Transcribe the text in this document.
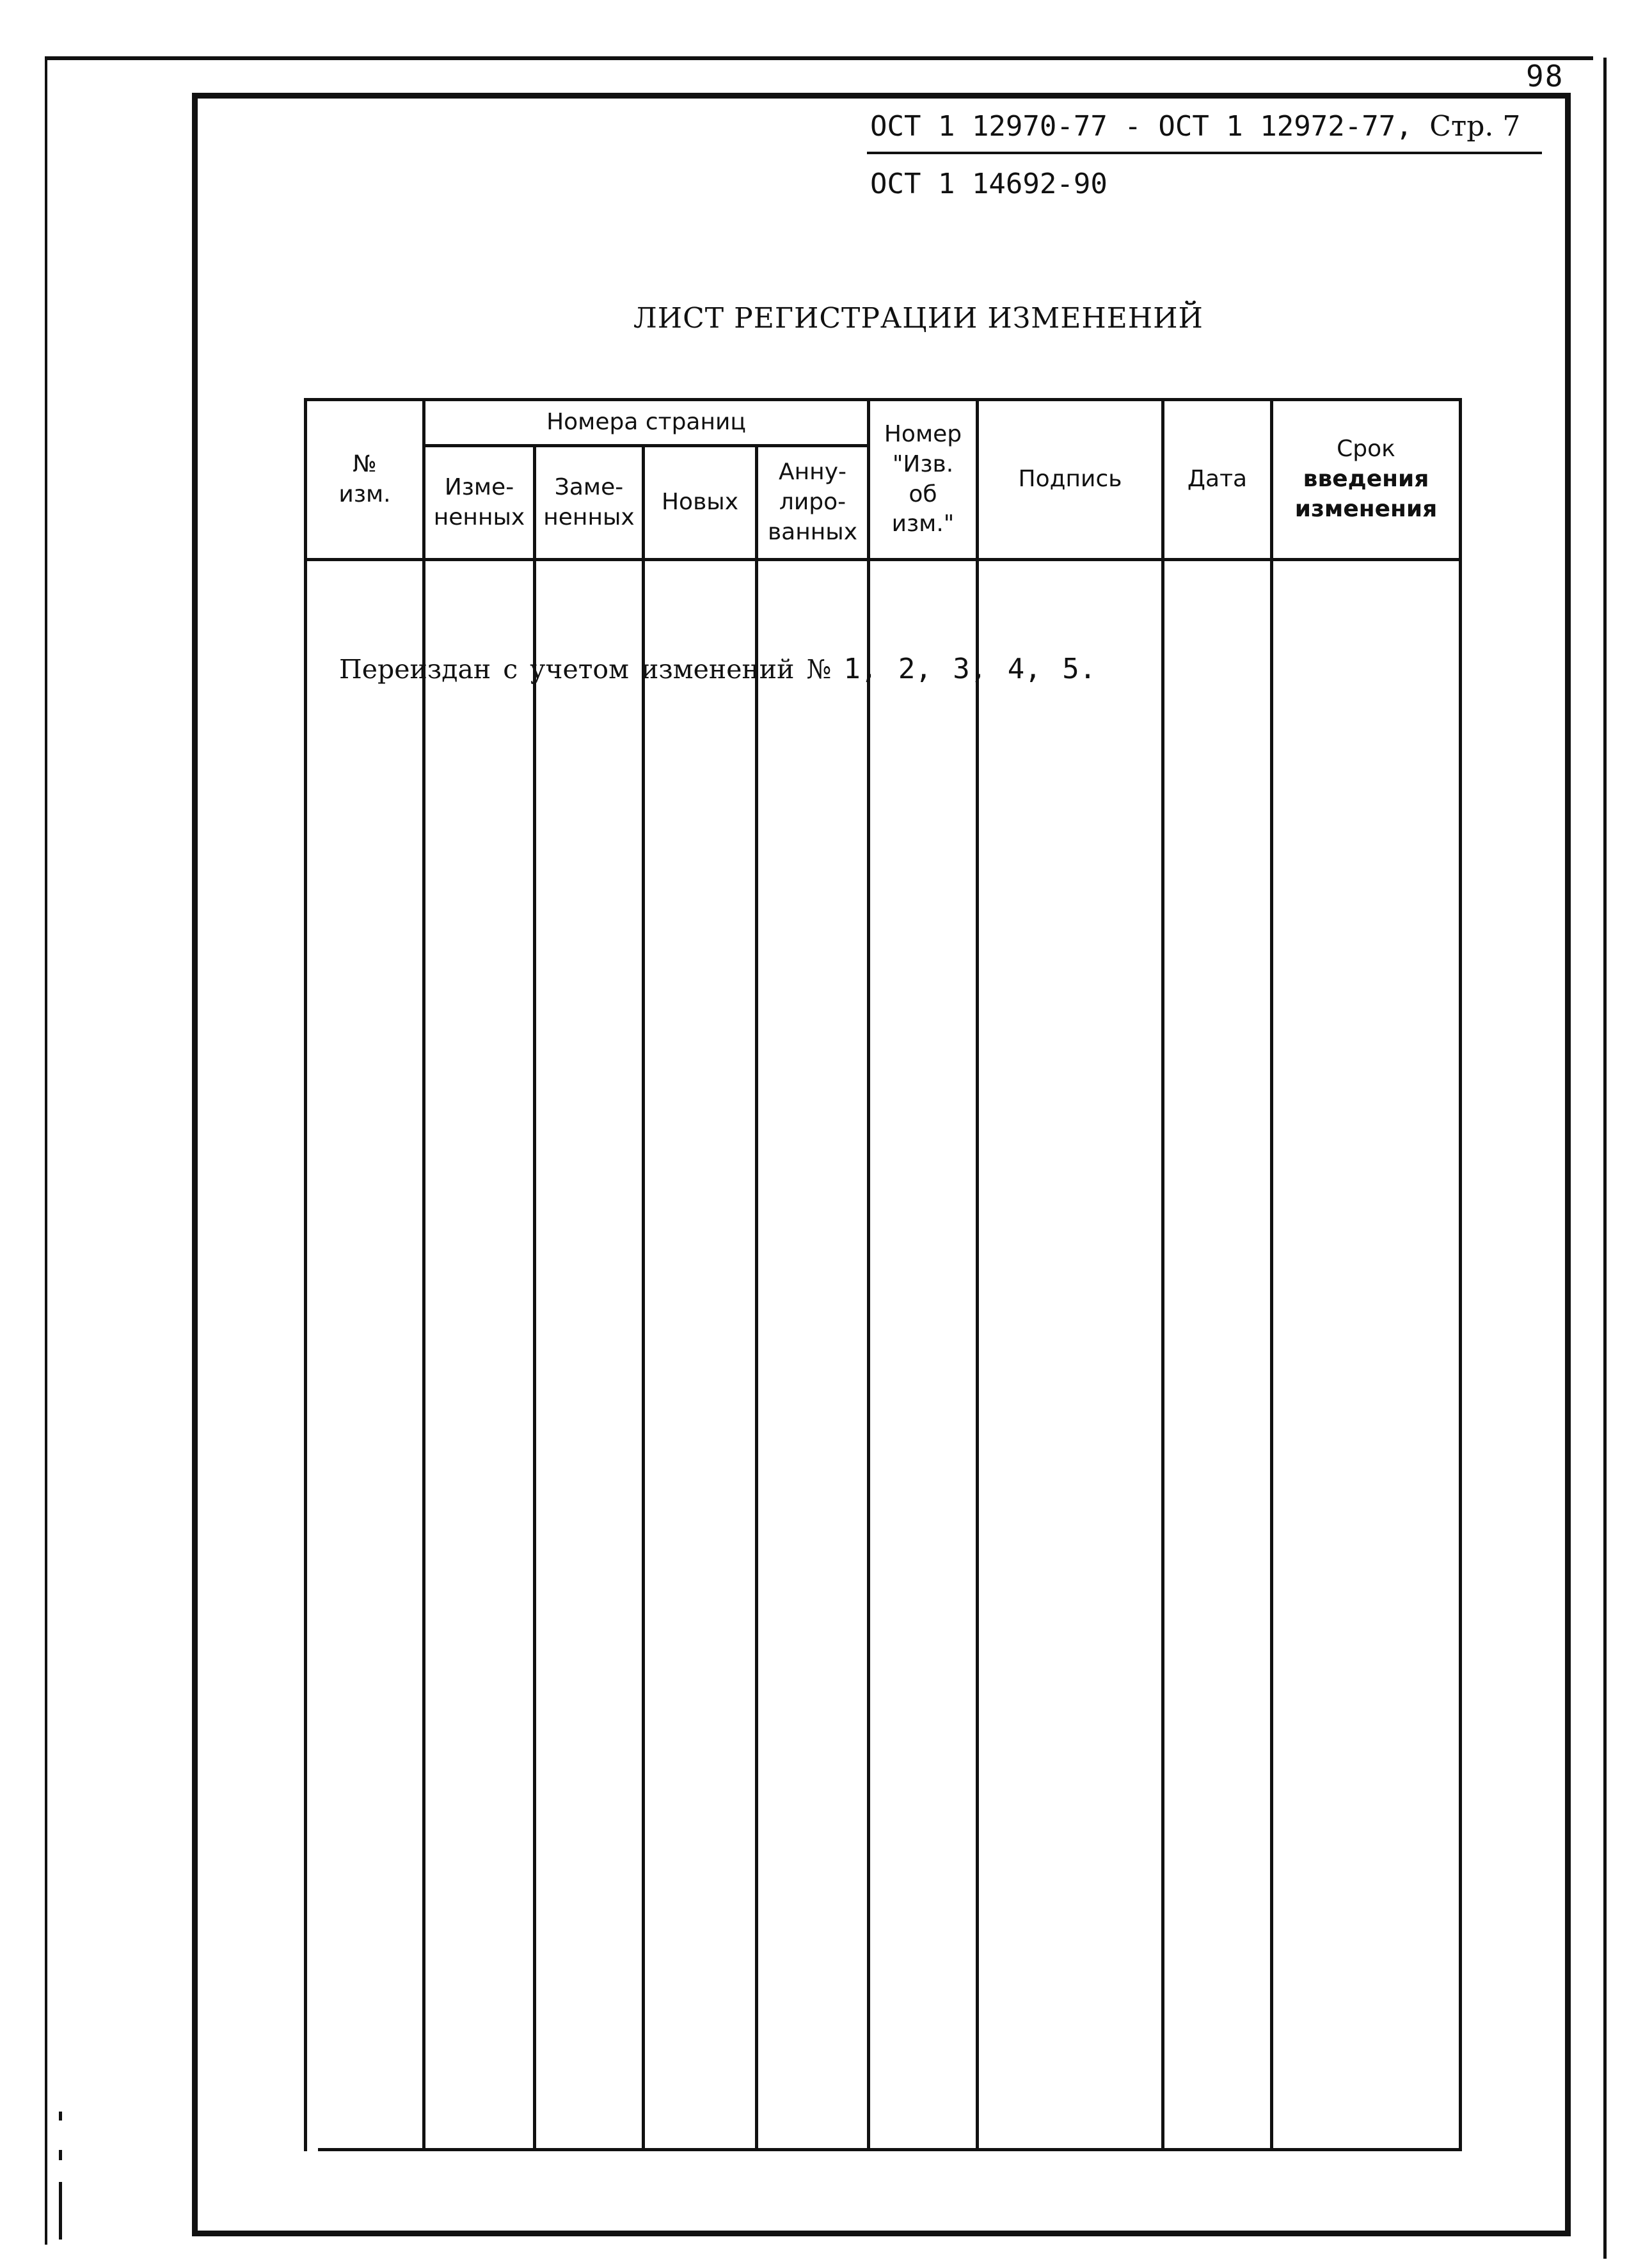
98
ОСТ 1 12970-77 - ОСТ 1 12972-77, Стр. 7
ОСТ 1 14692-90
ЛИСТ РЕГИСТРАЦИИ ИЗМЕНЕНИЙ
№
изм.
Номера страниц
Изме-
ненных
Заме-
ненных
Новых
Анну-
лиро-
ванных
Номер
"Изв.
об
изм."
Подпись	Дата
Срок
введения
изменения
Переиздан с учетом изменений № 1, 2, 3, 4, 5.
